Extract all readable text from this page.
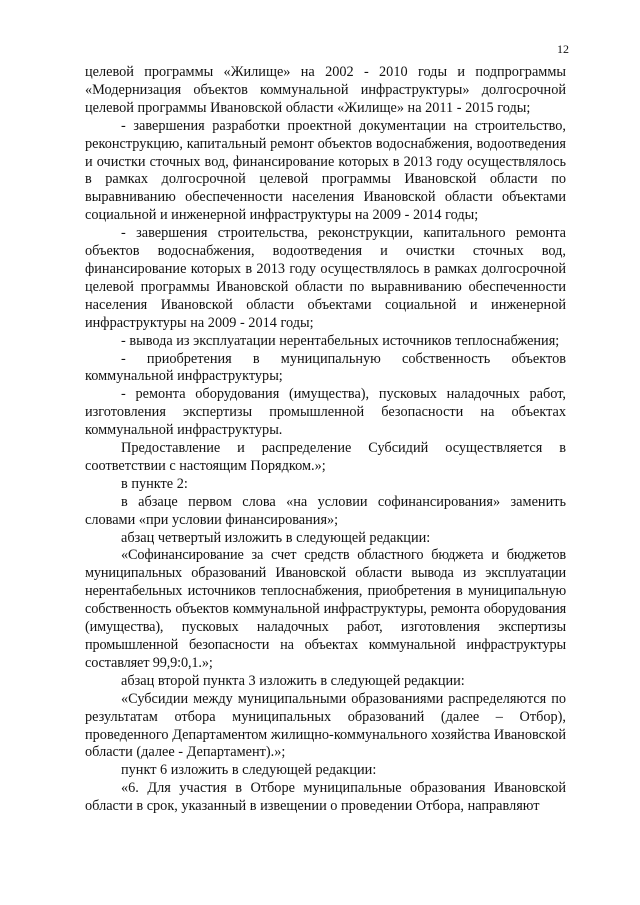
12

целевой программы «Жилище» на 2002 - 2010 годы и подпрограммы «Модернизация объектов коммунальной инфраструктуры» долгосрочной целевой программы Ивановской области «Жилище» на 2011 - 2015 годы;

- завершения разработки проектной документации на строительство, реконструкцию, капитальный ремонт объектов водоснабжения, водоотведения и очистки сточных вод, финансирование которых в 2013 году осуществлялось в рамках долгосрочной целевой программы Ивановской области по выравниванию обеспеченности населения Ивановской области объектами социальной и инженерной инфраструктуры на 2009 - 2014 годы;

- завершения строительства, реконструкции, капитального ремонта объектов водоснабжения, водоотведения и очистки сточных вод, финансирование которых в 2013 году осуществлялось в рамках долгосрочной целевой программы Ивановской области по выравниванию обеспеченности населения Ивановской области объектами социальной и инженерной инфраструктуры на 2009 - 2014 годы;

- вывода из эксплуатации нерентабельных источников теплоснабжения;

- приобретения в муниципальную собственность объектов коммунальной инфраструктуры;

- ремонта оборудования (имущества), пусковых наладочных работ, изготовления экспертизы промышленной безопасности на объектах коммунальной инфраструктуры.

Предоставление и распределение Субсидий осуществляется в соответствии с настоящим Порядком.»;

в пункте 2:

в абзаце первом слова «на условии софинансирования» заменить словами «при условии финансирования»;

абзац четвертый изложить в следующей редакции:

«Софинансирование за счет средств областного бюджета и бюджетов муниципальных образований Ивановской области вывода из эксплуатации нерентабельных источников теплоснабжения, приобретения в муниципальную собственность объектов коммунальной инфраструктуры, ремонта оборудования (имущества), пусковых наладочных работ, изготовления экспертизы промышленной безопасности на объектах коммунальной инфраструктуры составляет 99,9:0,1.»;

абзац второй пункта 3 изложить в следующей редакции:

«Субсидии между муниципальными образованиями распределяются по результатам отбора муниципальных образований (далее – Отбор), проведенного Департаментом жилищно-коммунального хозяйства Ивановской области (далее - Департамент).»;

пункт 6 изложить в следующей редакции:

«6. Для участия в Отборе муниципальные образования Ивановской области в срок, указанный в извещении о проведении Отбора, направляют
